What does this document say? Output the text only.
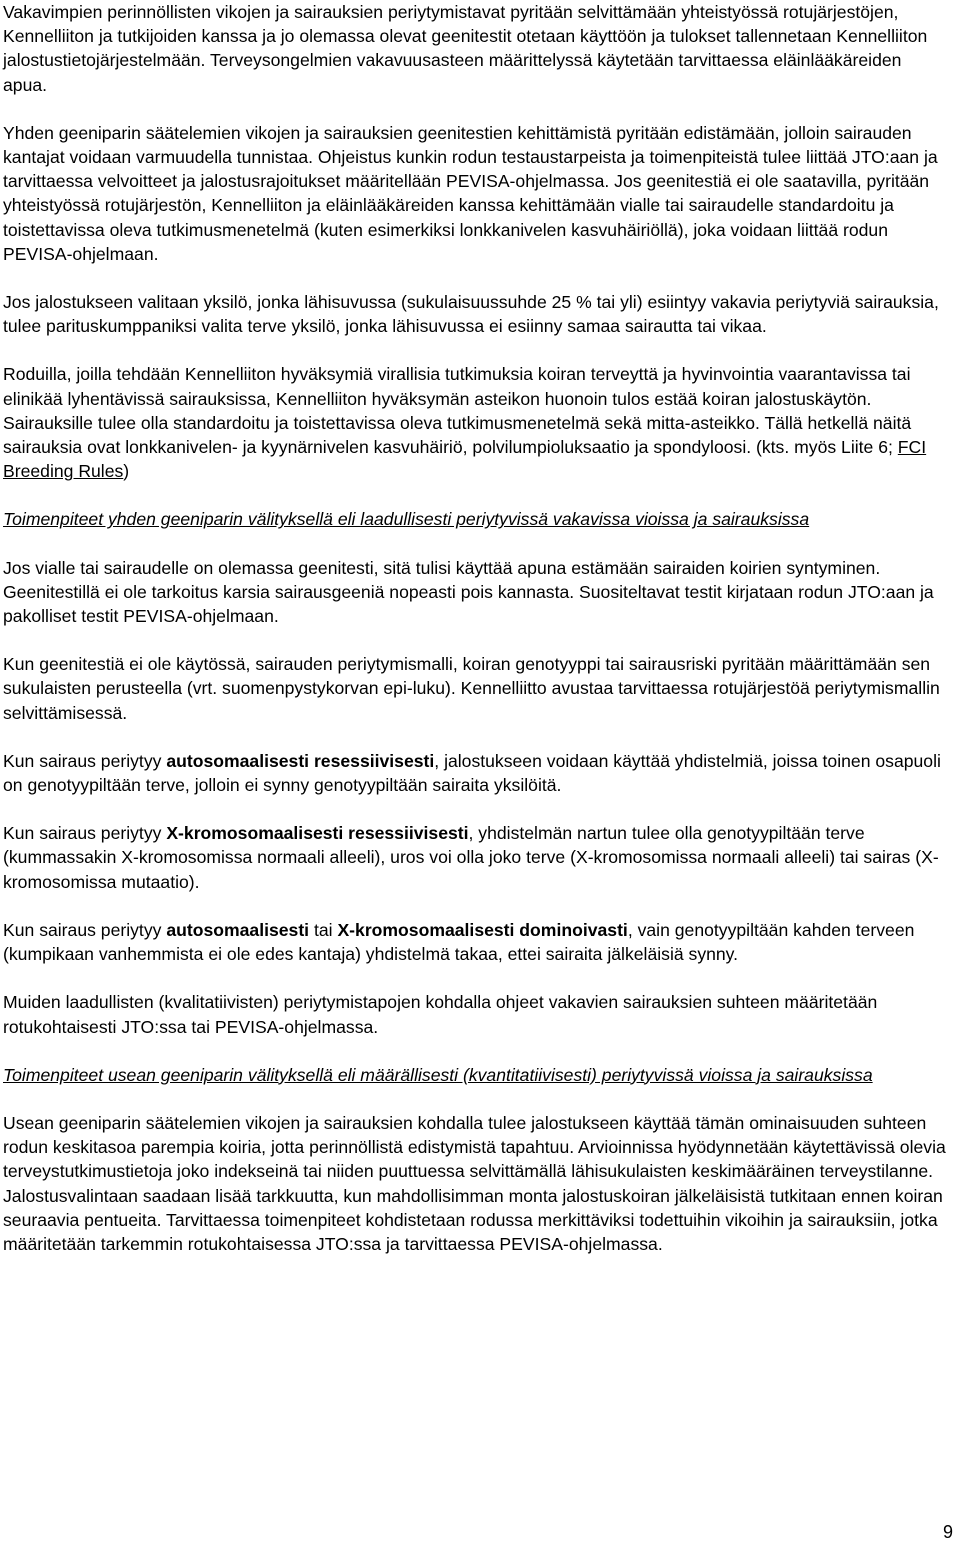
Vakavimpien perinnöllisten vikojen ja sairauksien periytymistavat pyritään selvittämään yhteistyössä rotujärjestöjen, Kennelliiton ja tutkijoiden kanssa ja jo olemassa olevat geenitestit otetaan käyttöön ja tulokset tallennetaan Kennelliiton jalostustietojärjestelmään. Terveysongelmien vakavuusasteen määrittelyssä käytetään tarvittaessa eläinlääkäreiden apua.

Yhden geeniparin säätelemien vikojen ja sairauksien geenitestien kehittämistä pyritään edistämään, jolloin sairauden kantajat voidaan varmuudella tunnistaa. Ohjeistus kunkin rodun testaustarpeista ja toimenpiteistä tulee liittää JTO:aan ja tarvittaessa velvoitteet ja jalostusrajoitukset määritellään PEVISA-ohjelmassa. Jos geenitestiä ei ole saatavilla, pyritään yhteistyössä rotujärjestön, Kennelliiton ja eläinlääkäreiden kanssa kehittämään vialle tai sairaudelle standardoitu ja toistettavissa oleva tutkimusmenetelmä (kuten esimerkiksi lonkkanivelen kasvuhäiriöllä), joka voidaan liittää rodun PEVISA-ohjelmaan.

Jos jalostukseen valitaan yksilö, jonka lähisuvussa (sukulaisuussuhde 25 % tai yli) esiintyy vakavia periytyviä sairauksia, tulee parituskumppaniksi valita terve yksilö, jonka lähisuvussa ei esiinny samaa sairautta tai vikaa.

Roduilla, joilla tehdään Kennelliiton hyväksymiä virallisia tutkimuksia koiran terveyttä ja hyvinvointia vaarantavissa tai elinikää lyhentävissä sairauksissa, Kennelliiton hyväksymän asteikon huonoin tulos estää koiran jalostuskäytön. Sairauksille tulee olla standardoitu ja toistettavissa oleva tutkimusmenetelmä sekä mitta-asteikko. Tällä hetkellä näitä sairauksia ovat lonkkanivelen- ja kyynärnivelen kasvuhäiriö, polvilumpioluksaatio ja spondyloosi. (kts. myös Liite 6; FCI Breeding Rules)

Toimenpiteet yhden geeniparin välityksellä eli laadullisesti periytyvissä vakavissa vioissa ja sairauksissa

Jos vialle tai sairaudelle on olemassa geenitesti, sitä tulisi käyttää apuna estämään sairaiden koirien syntyminen. Geenitestillä ei ole tarkoitus karsia sairausgeeniä nopeasti pois kannasta. Suositeltavat testit kirjataan rodun JTO:aan ja pakolliset testit PEVISA-ohjelmaan.

Kun geenitestiä ei ole käytössä, sairauden periytymismalli, koiran genotyyppi tai sairausriski pyritään määrittämään sen sukulaisten perusteella (vrt. suomenpystykorvan epi-luku). Kennelliitto avustaa tarvittaessa rotujärjestöä periytymismallin selvittämisessä.

Kun sairaus periytyy autosomaalisesti resessiivisesti, jalostukseen voidaan käyttää yhdistelmiä, joissa toinen osapuoli on genotyypiltään terve, jolloin ei synny genotyypiltään sairaita yksilöitä.

Kun sairaus periytyy X-kromosomaalisesti resessiivisesti, yhdistelmän nartun tulee olla genotyypiltään terve (kummassakin X-kromosomissa normaali alleeli), uros voi olla joko terve (X-kromosomissa normaali alleeli) tai sairas (X-kromosomissa mutaatio).

Kun sairaus periytyy autosomaalisesti tai X-kromosomaalisesti dominoivasti, vain genotyypiltään kahden terveen (kumpikaan vanhemmista ei ole edes kantaja) yhdistelmä takaa, ettei sairaita jälkeläisiä synny.

Muiden laadullisten (kvalitatiivisten) periytymistapojen kohdalla ohjeet vakavien sairauksien suhteen määritetään rotukohtaisesti JTO:ssa tai PEVISA-ohjelmassa.

Toimenpiteet usean geeniparin välityksellä eli määrällisesti (kvantitatiivisesti) periytyvissä vioissa ja sairauksissa

Usean geeniparin säätelemien vikojen ja sairauksien kohdalla tulee jalostukseen käyttää tämän ominaisuuden suhteen rodun keskitasoa parempia koiria, jotta perinnöllistä edistymistä tapahtuu. Arvioinnissa hyödynnetään käytettävissä olevia terveystutkimustietoja joko indekseinä tai niiden puuttuessa selvittämällä lähisukulaisten keskimääräinen terveystilanne. Jalostusvalintaan saadaan lisää tarkkuutta, kun mahdollisimman monta jalostuskoiran jälkeläisistä tutkitaan ennen koiran seuraavia pentueita. Tarvittaessa toimenpiteet kohdistetaan rodussa merkittäviksi todettuihin vikoihin ja sairauksiin, jotka määritetään tarkemmin rotukohtaisessa JTO:ssa ja tarvittaessa PEVISA-ohjelmassa.

9
